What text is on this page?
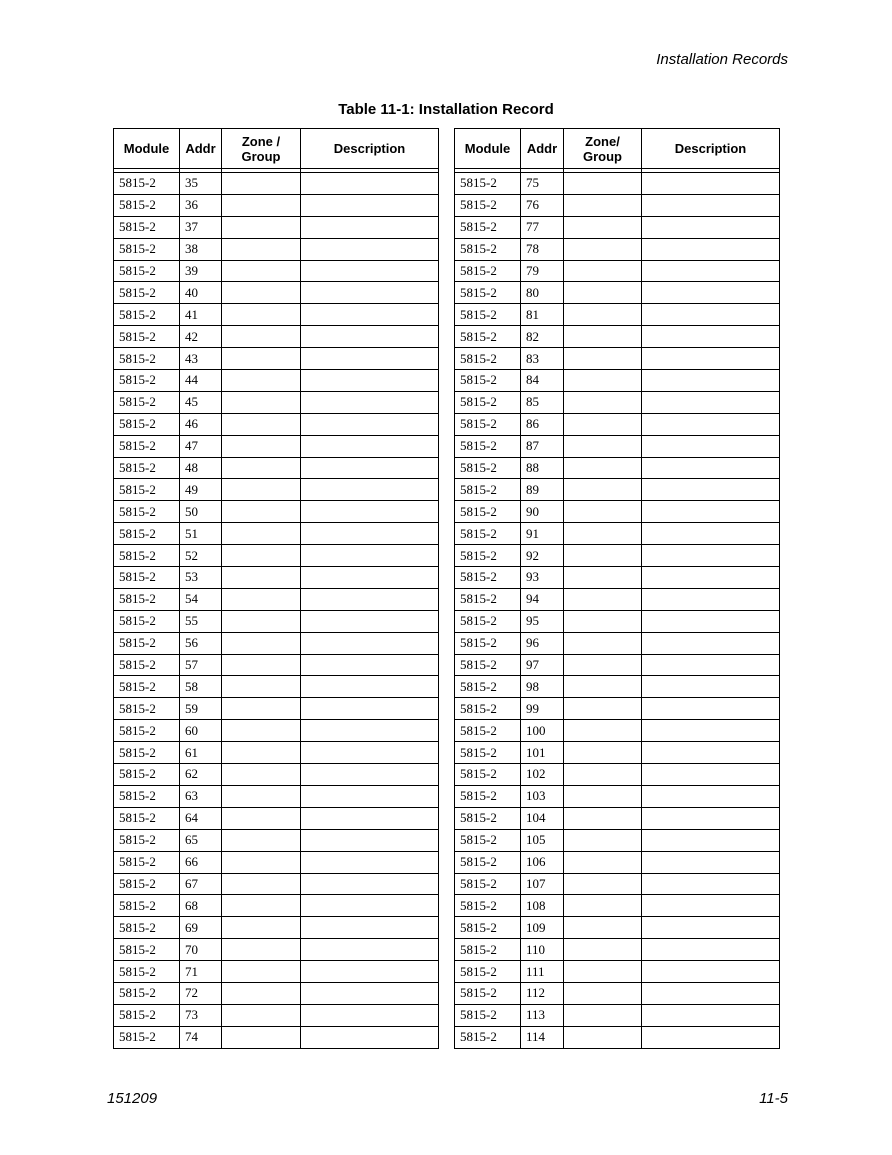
Installation Records
Table 11-1: Installation Record
Module	Addr	Zone / Group	Description

5815-2	35		
5815-2	36		
5815-2	37		
5815-2	38		
5815-2	39		
5815-2	40		
5815-2	41		
5815-2	42		
5815-2	43		
5815-2	44		
5815-2	45		
5815-2	46		
5815-2	47		
5815-2	48		
5815-2	49		
5815-2	50		
5815-2	51		
5815-2	52		
5815-2	53		
5815-2	54		
5815-2	55		
5815-2	56		
5815-2	57		
5815-2	58		
5815-2	59		
5815-2	60		
5815-2	61		
5815-2	62		
5815-2	63		
5815-2	64		
5815-2	65		
5815-2	66		
5815-2	67		
5815-2	68		
5815-2	69		
5815-2	70		
5815-2	71		
5815-2	72		
5815-2	73		
5815-2	74		
Module	Addr	Zone/ Group	Description

5815-2	75		
5815-2	76		
5815-2	77		
5815-2	78		
5815-2	79		
5815-2	80		
5815-2	81		
5815-2	82		
5815-2	83		
5815-2	84		
5815-2	85		
5815-2	86		
5815-2	87		
5815-2	88		
5815-2	89		
5815-2	90		
5815-2	91		
5815-2	92		
5815-2	93		
5815-2	94		
5815-2	95		
5815-2	96		
5815-2	97		
5815-2	98		
5815-2	99		
5815-2	100		
5815-2	101		
5815-2	102		
5815-2	103		
5815-2	104		
5815-2	105		
5815-2	106		
5815-2	107		
5815-2	108		
5815-2	109		
5815-2	110		
5815-2	111		
5815-2	112		
5815-2	113		
5815-2	114		
151209	11-5
